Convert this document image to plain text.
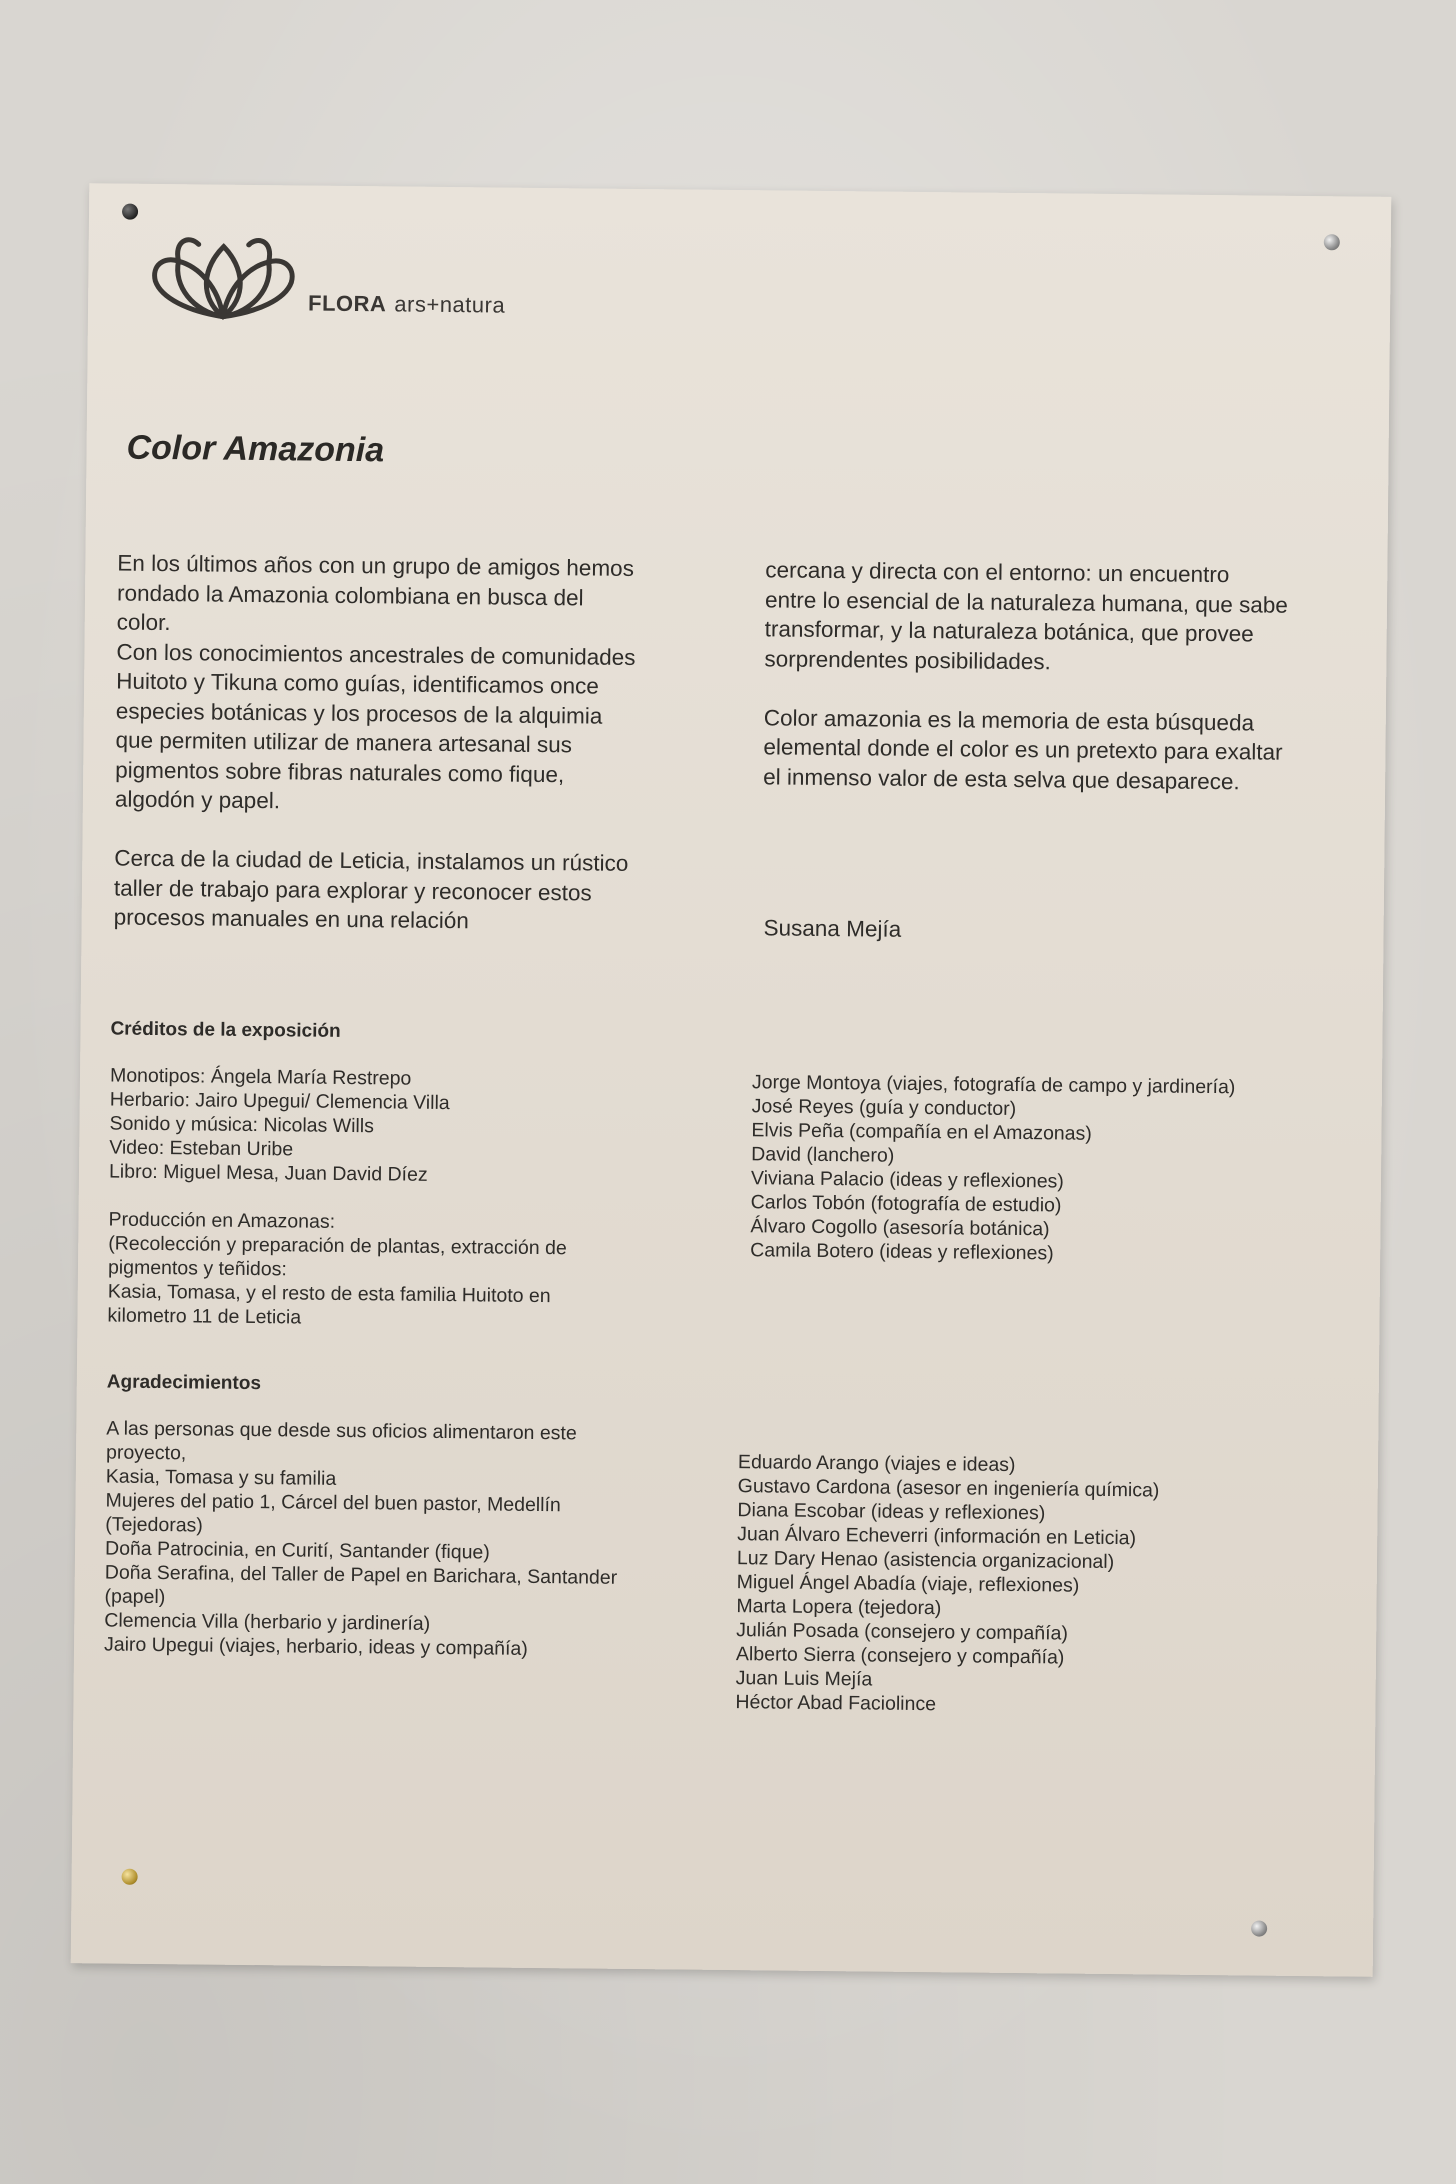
FLORA ars+natura
Color Amazonia
En los últimos años con un grupo de amigos hemos
rondado la Amazonia colombiana en busca del
color.
Con los conocimientos ancestrales de comunidades
Huitoto y Tikuna como guías, identificamos once
especies botánicas y los procesos de la alquimia
que permiten utilizar de manera artesanal sus
pigmentos sobre fibras naturales como fique,
algodón y papel.

Cerca de la ciudad de Leticia, instalamos un rústico
taller de trabajo para explorar y reconocer estos
procesos manuales en una relación
cercana y directa con el entorno: un encuentro
entre lo esencial de la naturaleza humana, que sabe
transformar, y la naturaleza botánica, que provee
sorprendentes posibilidades.

Color amazonia es la memoria de esta búsqueda
elemental donde el color es un pretexto para exaltar
el inmenso valor de esta selva que desaparece.
Susana Mejía
Créditos de la exposición
Monotipos: Ángela María Restrepo
Herbario: Jairo Upegui/ Clemencia Villa
Sonido y música: Nicolas Wills
Video: Esteban Uribe
Libro: Miguel Mesa, Juan David Díez

Producción en Amazonas:
(Recolección y preparación de plantas, extracción de
pigmentos y teñidos:
Kasia, Tomasa, y el resto de esta familia Huitoto en
kilometro 11 de Leticia
Jorge Montoya (viajes, fotografía de campo y jardinería)
José Reyes (guía y conductor)
Elvis Peña (compañía en el Amazonas)
David (lanchero)
Viviana Palacio (ideas y reflexiones)
Carlos Tobón (fotografía de estudio)
Álvaro Cogollo (asesoría botánica)
Camila Botero (ideas y reflexiones)
Agradecimientos
A las personas que desde sus oficios alimentaron este
proyecto,
Kasia, Tomasa y su familia
Mujeres del patio 1, Cárcel del buen pastor, Medellín
(Tejedoras)
Doña Patrocinia, en Curití, Santander (fique)
Doña Serafina, del Taller de Papel en Barichara, Santander
(papel)
Clemencia Villa (herbario y jardinería)
Jairo Upegui (viajes, herbario, ideas y compañía)
Eduardo Arango (viajes e ideas)
Gustavo Cardona (asesor en ingeniería química)
Diana Escobar (ideas y reflexiones)
Juan Álvaro Echeverri (información en Leticia)
Luz Dary Henao (asistencia organizacional)
Miguel Ángel Abadía (viaje, reflexiones)
Marta Lopera (tejedora)
Julián Posada (consejero y compañía)
Alberto Sierra (consejero y compañía)
Juan Luis Mejía
Héctor Abad Faciolince
